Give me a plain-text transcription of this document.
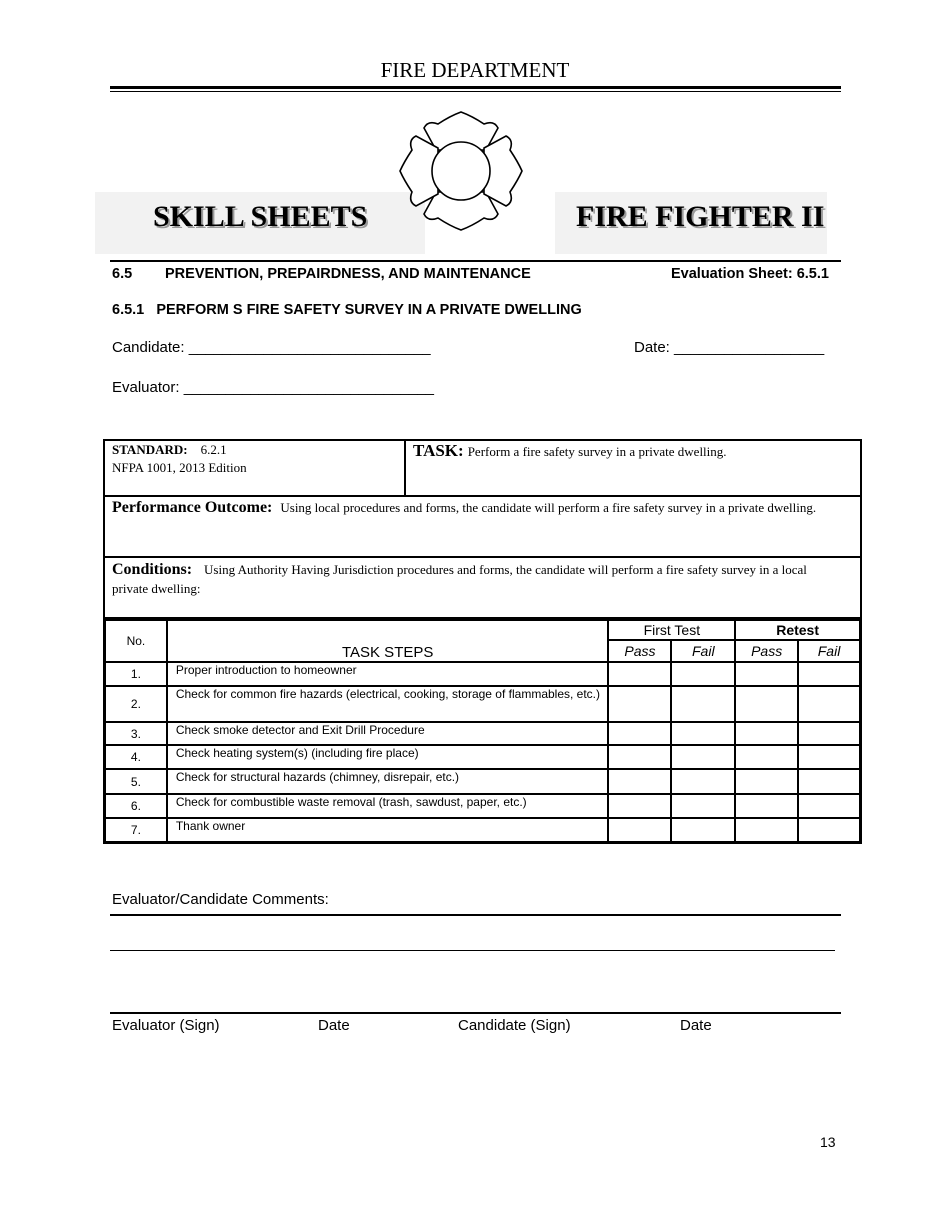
FIRE DEPARTMENT
SKILL SHEETS	FIRE FIGHTER II
6.5 PREVENTION, PREPAIRDNESS, AND MAINTENANCE	Evaluation Sheet: 6.5.1
6.5.1 PERFORM S FIRE SAFETY SURVEY IN A PRIVATE DWELLING
Candidate: _____________________________	Date: __________________
Evaluator: ______________________________
STANDARD: 6.2.1
NFPA 1001, 2013 Edition
TASK: Perform a fire safety survey in a private dwelling.
Performance Outcome: Using local procedures and forms, the candidate will perform a fire safety survey in a private dwelling.
Conditions: Using Authority Having Jurisdiction procedures and forms, the candidate will perform a fire safety survey in a local private dwelling:
No.	TASK STEPS	First Test		Retest	
		Pass	Fail	Pass	Fail
1.	Proper introduction to homeowner				
2.	Check for common fire hazards (electrical, cooking, storage of flammables, etc.)				
3.	Check smoke detector and Exit Drill Procedure				
4.	Check heating system(s) (including fire place)				
5.	Check for structural hazards (chimney, disrepair, etc.)				
6.	Check for combustible waste removal (trash, sawdust, paper, etc.)				
7.	Thank owner				
Evaluator/Candidate Comments:
Evaluator (Sign)	Date	Candidate (Sign)	Date
13
